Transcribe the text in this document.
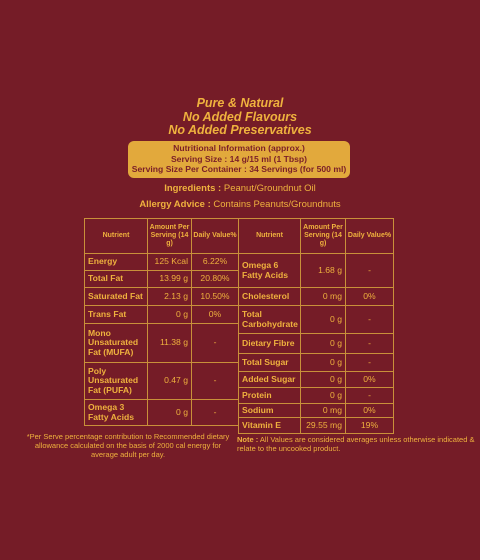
Pure & Natural
No Added Flavours
No Added Preservatives
Nutritional Information (approx.)
Serving Size : 14 g/15 ml (1 Tbsp)
Serving Size Per Container : 34 Servings (for 500 ml)
Ingredients : Peanut/Groundnut Oil
Allergy Advice : Contains Peanuts/Groundnuts
Nutrient	Amount Per Serving (14 g)	Daily Value%
Energy	125 Kcal	6.22%
Total Fat	13.99 g	20.80%
Saturated Fat	2.13 g	10.50%
Trans Fat	0 g	0%
Mono Unsaturated Fat (MUFA)	11.38 g	-
Poly Unsaturated Fat (PUFA)	0.47 g	-
Omega 3 Fatty Acids	0 g	-
Nutrient	Amount Per Serving (14 g)	Daily Value%
Omega 6 Fatty Acids	1.68 g	-
Cholesterol	0 mg	0%
Total Carbohydrate	0 g	-
Dietary Fibre	0 g	-
Total Sugar	0 g	-
Added Sugar	0 g	0%
Protein	0 g	-
Sodium	0 mg	0%
Vitamin E	29.55 mg	19%
*Per Serve percentage contribution to Recommended dietary allowance calculated on the basis of 2000 cal energy for average adult per day.
Note : All Values are considered averages unless otherwise indicated & relate to the uncooked product.
